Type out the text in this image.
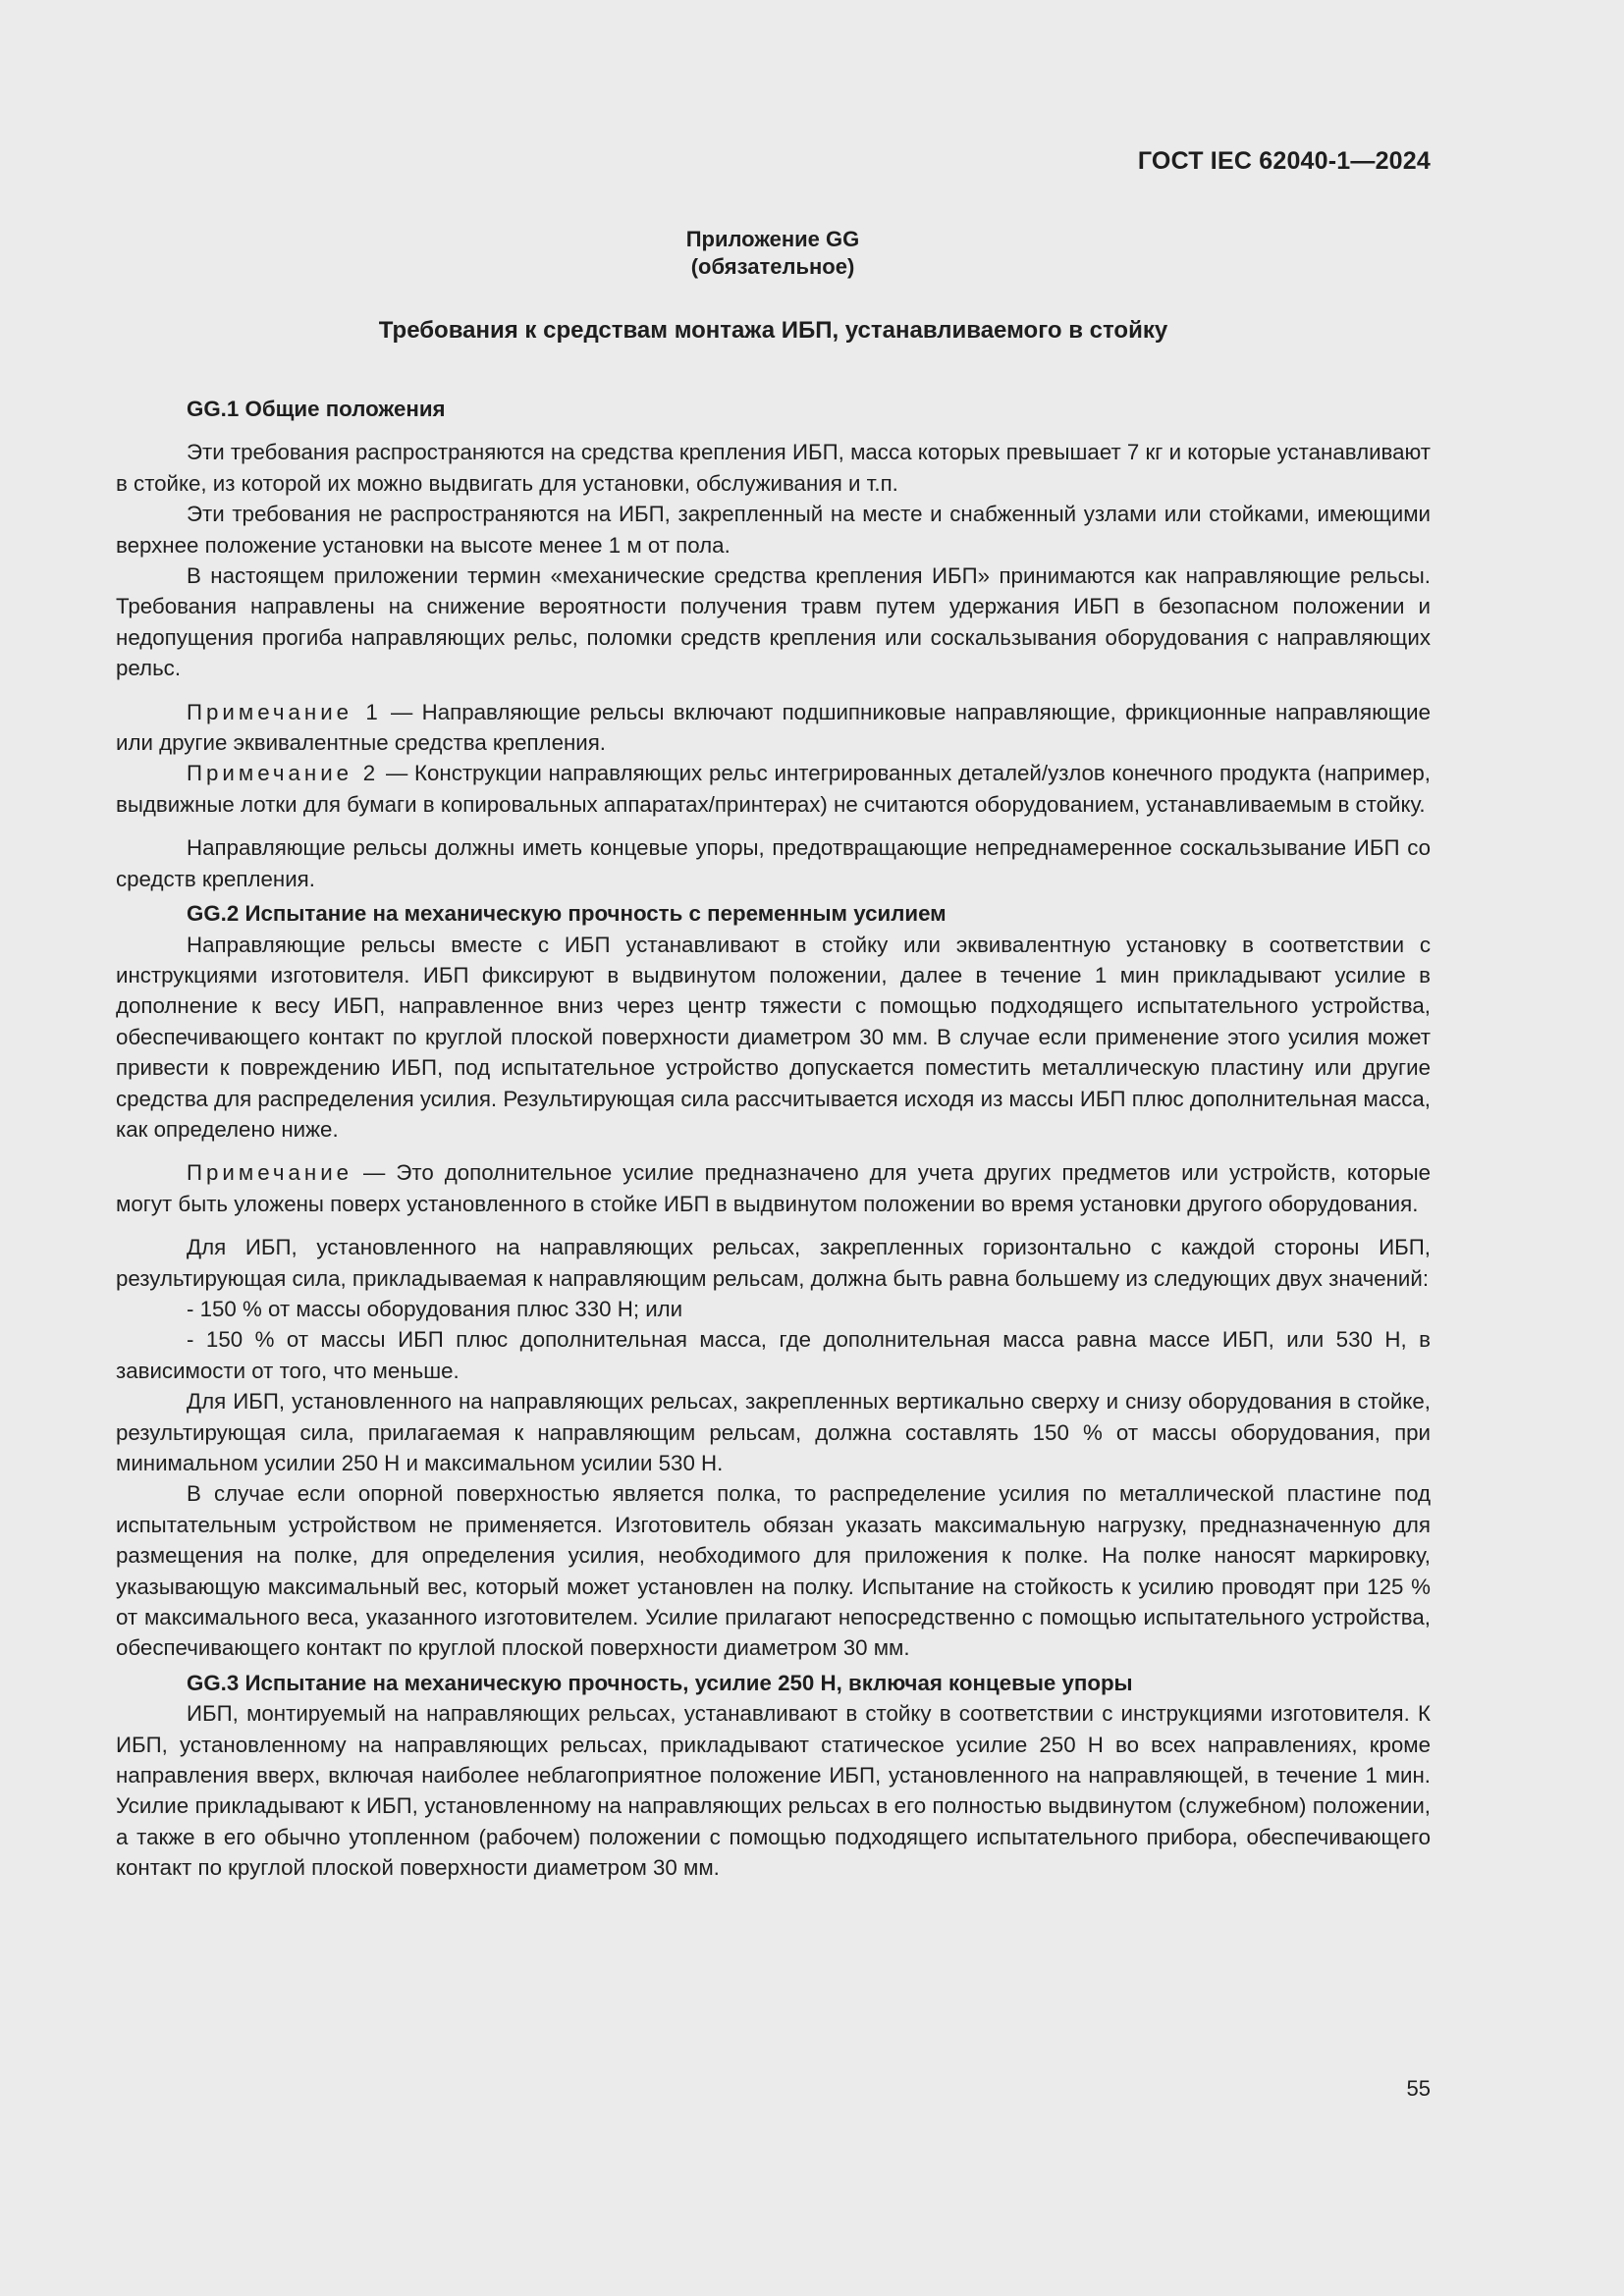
ГОСТ IEC 62040-1—2024
Приложение GG
(обязательное)
Требования к средствам монтажа ИБП, устанавливаемого в стойку

GG.1 Общие положения

Эти требования распространяются на средства крепления ИБП, масса которых превышает 7 кг и которые устанавливают в стойке, из которой их можно выдвигать для установки, обслуживания и т.п.

Эти требования не распространяются на ИБП, закрепленный на месте и снабженный узлами или стойками, имеющими верхнее положение установки на высоте менее 1 м от пола.

В настоящем приложении термин «механические средства крепления ИБП» принимаются как направляющие рельсы. Требования направлены на снижение вероятности получения травм путем удержания ИБП в безопасном положении и недопущения прогиба направляющих рельс, поломки средств крепления или соскальзывания оборудования с направляющих рельс.

Примечание 1 — Направляющие рельсы включают подшипниковые направляющие, фрикционные направляющие или другие эквивалентные средства крепления.

Примечание 2 — Конструкции направляющих рельс интегрированных деталей/узлов конечного продукта (например, выдвижные лотки для бумаги в копировальных аппаратах/принтерах) не считаются оборудованием, устанавливаемым в стойку.

Направляющие рельсы должны иметь концевые упоры, предотвращающие непреднамеренное соскальзывание ИБП со средств крепления.

GG.2 Испытание на механическую прочность с переменным усилием

Направляющие рельсы вместе с ИБП устанавливают в стойку или эквивалентную установку в соответствии с инструкциями изготовителя. ИБП фиксируют в выдвинутом положении, далее в течение 1 мин прикладывают усилие в дополнение к весу ИБП, направленное вниз через центр тяжести с помощью подходящего испытательного устройства, обеспечивающего контакт по круглой плоской поверхности диаметром 30 мм. В случае если применение этого усилия может привести к повреждению ИБП, под испытательное устройство допускается поместить металлическую пластину или другие средства для распределения усилия. Результирующая сила рассчитывается исходя из массы ИБП плюс дополнительная масса, как определено ниже.

Примечание — Это дополнительное усилие предназначено для учета других предметов или устройств, которые могут быть уложены поверх установленного в стойке ИБП в выдвинутом положении во время установки другого оборудования.

Для ИБП, установленного на направляющих рельсах, закрепленных горизонтально с каждой стороны ИБП, результирующая сила, прикладываемая к направляющим рельсам, должна быть равна большему из следующих двух значений:

- 150 % от массы оборудования плюс 330 Н; или

- 150 % от массы ИБП плюс дополнительная масса, где дополнительная масса равна массе ИБП, или 530 Н, в зависимости от того, что меньше.

Для ИБП, установленного на направляющих рельсах, закрепленных вертикально сверху и снизу оборудования в стойке, результирующая сила, прилагаемая к направляющим рельсам, должна составлять 150 % от массы оборудования, при минимальном усилии 250 Н и максимальном усилии 530 Н.

В случае если опорной поверхностью является полка, то распределение усилия по металлической пластине под испытательным устройством не применяется. Изготовитель обязан указать максимальную нагрузку, предназначенную для размещения на полке, для определения усилия, необходимого для приложения к полке. На полке наносят маркировку, указывающую максимальный вес, который может установлен на полку. Испытание на стойкость к усилию проводят при 125 % от максимального веса, указанного изготовителем. Усилие прилагают непосредственно с помощью испытательного устройства, обеспечивающего контакт по круглой плоской поверхности диаметром 30 мм.

GG.3 Испытание на механическую прочность, усилие 250 Н, включая концевые упоры

ИБП, монтируемый на направляющих рельсах, устанавливают в стойку в соответствии с инструкциями изготовителя. К ИБП, установленному на направляющих рельсах, прикладывают статическое усилие 250 Н во всех направлениях, кроме направления вверх, включая наиболее неблагоприятное положение ИБП, установленного на направляющей, в течение 1 мин. Усилие прикладывают к ИБП, установленному на направляющих рельсах в его полностью выдвинутом (служебном) положении, а также в его обычно утопленном (рабочем) положении с помощью подходящего испытательного прибора, обеспечивающего контакт по круглой плоской поверхности диаметром 30 мм.

55
